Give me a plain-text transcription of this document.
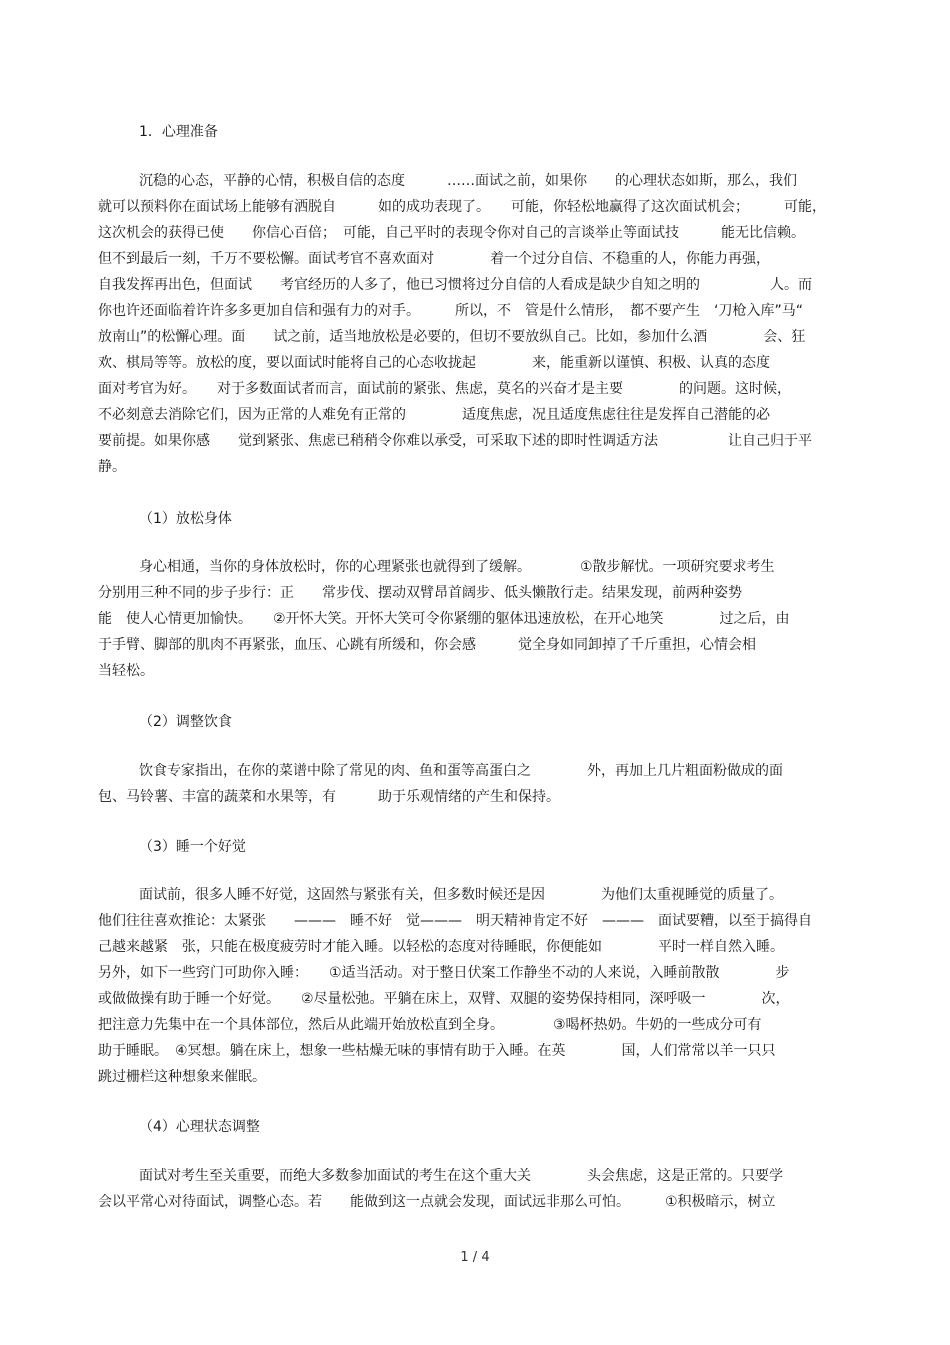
1．心理准备
沉稳的心态，平静的心情，积极自信的态度　　　……面试之前，如果你　　的心理状态如斯，那么，我们
就可以预料你在面试场上能够有洒脱自　　　如的成功表现了。　　可能，你轻松地赢得了这次面试机会；　　　可能，
这次机会的获得已使　　你信心百倍；　可能，自己平时的表现令你对自己的言谈举止等面试技　　　能无比信赖。
但不到最后一刻，千万不要松懈。面试考官不喜欢面对　　　　着一个过分自信、不稳重的人，你能力再强，
自我发挥再出色，但面试　　考官经历的人多了，他已习惯将过分自信的人看成是缺少自知之明的　　　　　人。而
你也许还面临着许许多多更加自信和强有力的对手。　　　所以，不　管是什么情形，　都不要产生　‘刀枪入库”马“
放南山”的松懈心理。面　　试之前，适当地放松是必要的，但切不要放纵自己。比如，参加什么酒　　　　会、狂
欢、棋局等等。放松的度，要以面试时能将自己的心态收拢起　　　　来，能重新以谨慎、积极、认真的态度
面对考官为好。　　对于多数面试者而言，面试前的紧张、焦虑，莫名的兴奋才是主要　　　　的问题。这时候，
不必刻意去消除它们，因为正常的人难免有正常的　　　　适度焦虑，况且适度焦虑往往是发挥自己潜能的必
要前提。如果你感　　觉到紧张、焦虑已稍稍令你难以承受，可采取下述的即时性调适方法　　　　　让自己归于平
静。
（1）放松身体
身心相通，当你的身体放松时，你的心理紧张也就得到了缓解。　　　　①散步解忧。一项研究要求考生
分别用三种不同的步子步行：正　　常步伐、摆动双臂昂首阔步、低头懒散行走。结果发现，前两种姿势
能　使人心情更加愉快。　　②开怀大笑。开怀大笑可令你紧绷的躯体迅速放松，在开心地笑　　　　过之后，由
于手臂、脚部的肌肉不再紧张，血压、心跳有所缓和，你会感　　　觉全身如同卸掉了千斤重担，心情会相
当轻松。
（2）调整饮食
饮食专家指出，在你的菜谱中除了常见的肉、鱼和蛋等高蛋白之　　　　外，再加上几片粗面粉做成的面
包、马铃薯、丰富的蔬菜和水果等，有　　　助于乐观情绪的产生和保持。
（3）睡一个好觉
面试前，很多人睡不好觉，这固然与紧张有关，但多数时候还是因　　　　为他们太重视睡觉的质量了。
他们往往喜欢推论：太紧张　　———　睡不好　觉———　明天精神肯定不好　———　面试要糟，以至于搞得自
己越来越紧　张，只能在极度疲劳时才能入睡。以轻松的态度对待睡眠，你便能如　　　　平时一样自然入睡。
另外，如下一些窍门可助你入睡：　　①适当活动。对于整日伏案工作静坐不动的人来说，入睡前散散　　　　步
或做做操有助于睡一个好觉。　　②尽量松弛。平躺在床上，双臂、双腿的姿势保持相同，深呼吸一　　　　次，
把注意力先集中在一个具体部位，然后从此端开始放松直到全身。　　　　③喝杯热奶。牛奶的一些成分可有
助于睡眠。　④冥想。躺在床上，想象一些枯燥无味的事情有助于入睡。在英　　　　国，人们常常以羊一只只
跳过栅栏这种想象来催眠。
（4）心理状态调整
面试对考生至关重要，而绝大多数参加面试的考生在这个重大关　　　　头会焦虑，这是正常的。只要学
会以平常心对待面试，调整心态。若　　能做到这一点就会发现，面试远非那么可怕。　　　①积极暗示，树立
1 / 4
